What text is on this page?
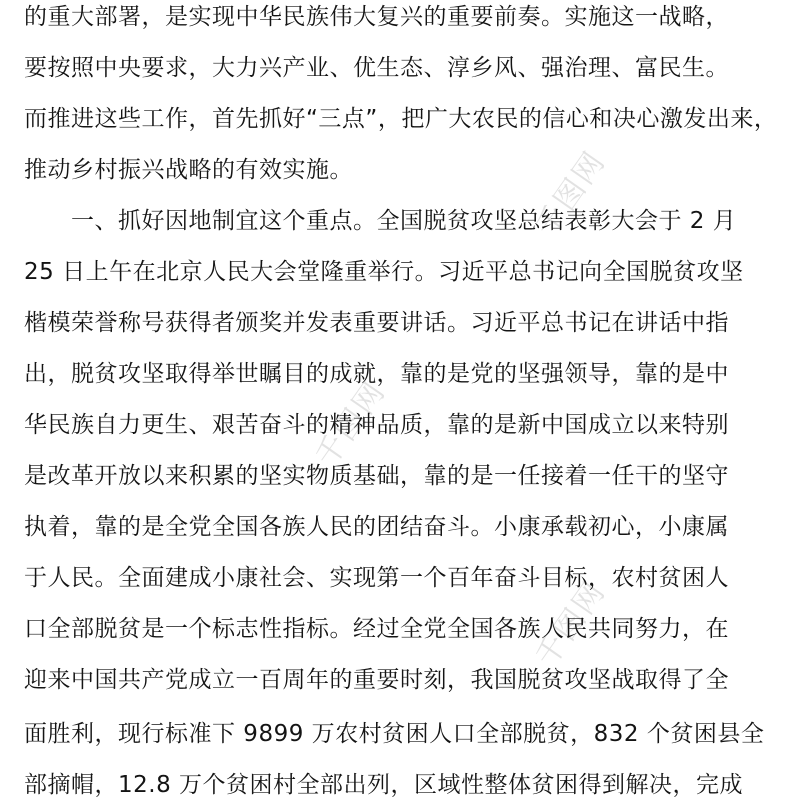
千图网
千图网
千图网
的重大部署，是实现中华民族伟大复兴的重要前奏。实施这一战略，
要按照中央要求，大力兴产业、优生态、淳乡风、强治理、富民生。
而推进这些工作，首先抓好“三点”，把广大农民的信心和决心激发出来，
推动乡村振兴战略的有效实施。
　　一、抓好因地制宜这个重点。全国脱贫攻坚总结表彰大会于 2 月
25 日上午在北京人民大会堂隆重举行。习近平总书记向全国脱贫攻坚
楷模荣誉称号获得者颁奖并发表重要讲话。习近平总书记在讲话中指
出，脱贫攻坚取得举世瞩目的成就，靠的是党的坚强领导，靠的是中
华民族自力更生、艰苦奋斗的精神品质，靠的是新中国成立以来特别
是改革开放以来积累的坚实物质基础，靠的是一任接着一任干的坚守
执着，靠的是全党全国各族人民的团结奋斗。小康承载初心，小康属
于人民。全面建成小康社会、实现第一个百年奋斗目标，农村贫困人
口全部脱贫是一个标志性指标。经过全党全国各族人民共同努力，在
迎来中国共产党成立一百周年的重要时刻，我国脱贫攻坚战取得了全
面胜利，现行标准下 9899 万农村贫困人口全部脱贫，832 个贫困县全
部摘帽，12.8 万个贫困村全部出列，区域性整体贫困得到解决，完成
